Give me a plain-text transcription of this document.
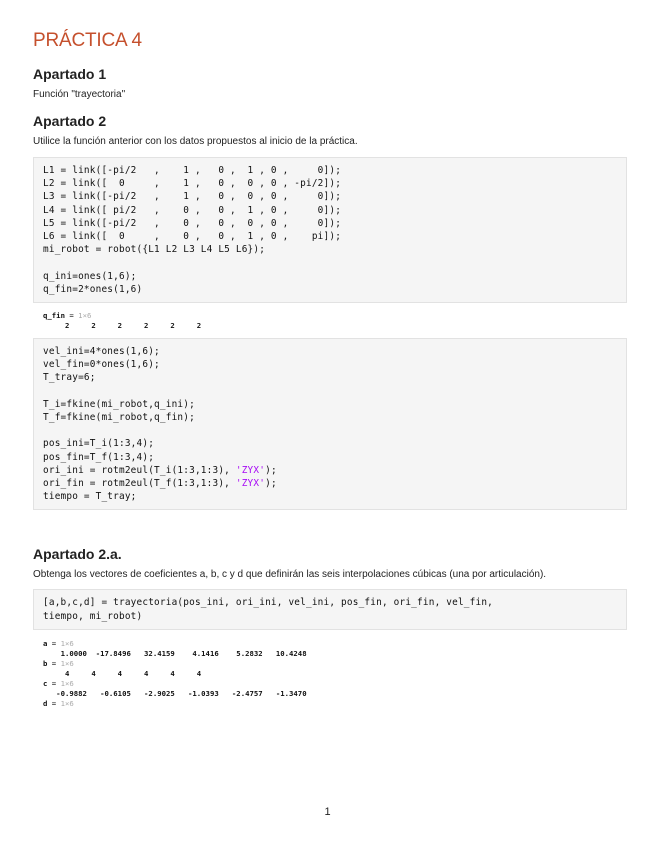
PRÁCTICA 4
Apartado 1
Función "trayectoria"
Apartado 2
Utilice la función anterior con los datos propuestos al inicio de la práctica.
L1 = link([-pi/2   ,    1 ,   0 ,  1 , 0 ,     0]);
L2 = link([  0     ,    1 ,   0 ,  0 , 0 , -pi/2]);
L3 = link([-pi/2   ,    1 ,   0 ,  0 , 0 ,     0]);
L4 = link([ pi/2   ,    0 ,   0 ,  1 , 0 ,     0]);
L5 = link([-pi/2   ,    0 ,   0 ,  0 , 0 ,     0]);
L6 = link([  0     ,    0 ,   0 ,  1 , 0 ,    pi]);
mi_robot = robot({L1 L2 L3 L4 L5 L6});

q_ini=ones(1,6);
q_fin=2*ones(1,6)
q_fin = 1×6
2     2     2     2     2     2
vel_ini=4*ones(1,6);
vel_fin=0*ones(1,6);
T_tray=6;

T_i=fkine(mi_robot,q_ini);
T_f=fkine(mi_robot,q_fin);

pos_ini=T_i(1:3,4);
pos_fin=T_f(1:3,4);
ori_ini = rotm2eul(T_i(1:3,1:3), 'ZYX');
ori_fin = rotm2eul(T_f(1:3,1:3), 'ZYX');
tiempo = T_tray;
Apartado 2.a.
Obtenga los vectores de coeficientes a, b, c y d que definirán las seis interpolaciones cúbicas (una por articulación).
[a,b,c,d] = trayectoria(pos_ini, ori_ini, vel_ini, pos_fin, ori_fin, vel_fin,
tiempo, mi_robot)
a = 1×6
1.0000  -17.8496   32.4159    4.1416    5.2832   10.4248
b = 1×6
4     4     4     4     4     4
c = 1×6
-0.9882   -0.6105   -2.9025   -1.0393   -2.4757   -1.3470
d = 1×6
1
